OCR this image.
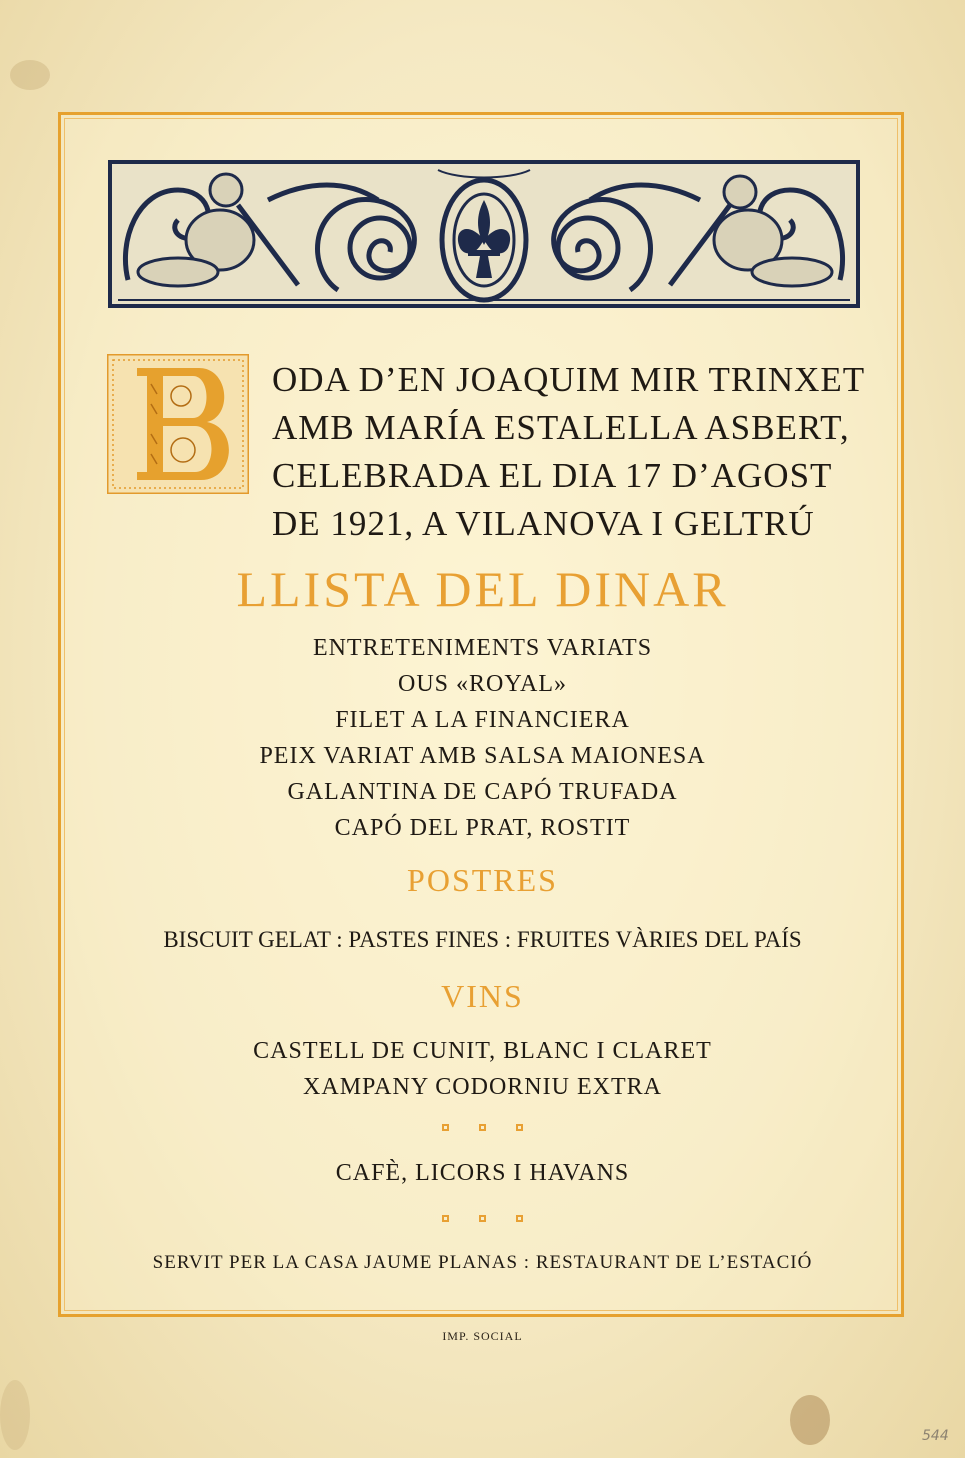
ODA D’EN JOAQUIM MIR TRINXET
AMB MARÍA ESTALELLA ASBERT,
CELEBRADA EL DIA 17 D’AGOST
DE 1921, A VILANOVA I GELTRÚ
LLISTA DEL DINAR
ENTRETENIMENTS VARIATS
OUS «ROYAL»
FILET A LA FINANCIERA
PEIX VARIAT AMB SALSA MAIONESA
GALANTINA DE CAPÓ TRUFADA
CAPÓ DEL PRAT, ROSTIT
POSTRES
BISCUIT GELAT : PASTES FINES : FRUITES VÀRIES DEL PAÍS
VINS
CASTELL DE CUNIT, BLANC I CLARET
XAMPANY CODORNIU EXTRA
CAFÈ, LICORS I HAVANS
SERVIT PER LA CASA JAUME PLANAS : RESTAURANT DE L’ESTACIÓ
IMP. SOCIAL
544
